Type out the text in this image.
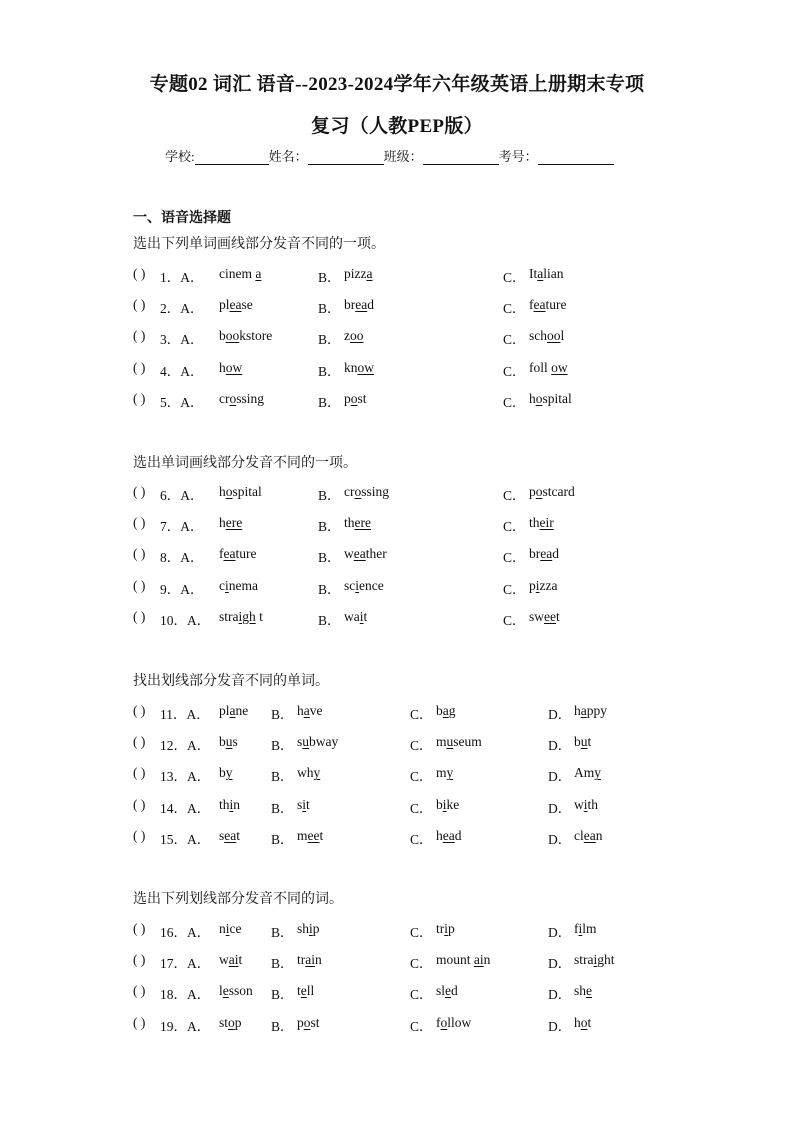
专题02 词汇 语音--2023-2024学年六年级英语上册期末专项
复习（人教PEP版）
学校:	姓名：	班级：	考号：
一、语音选择题
选出下列单词画线部分发音不同的一项。
( ) 1．A． cinem a	B． pizza	C． Italian
( ) 2．A． please	B． bread	C． feature
( ) 3．A． bookstore	B． zoo	C． school
( ) 4．A． how	B． know	C． foll ow
( ) 5．A． crossing	B． post	C． hospital
选出单词画线部分发音不同的一项。
( ) 6．A． hospital	B． crossing	C． postcard
( ) 7．A． here	B． there	C． their
( ) 8．A． feature	B． weather	C． bread
( ) 9．A． cinema	B． science	C． pizza
( ) 10．A． straigh t	B． wait	C． sweet
找出划线部分发音不同的单词。
( ) 11．A． plane B． have	C． bag	D． happy
( ) 12．A． bus B． subway	C． museum	D． but
( ) 13．A． by	B． why	C． my	D． Amy
( ) 14．A． thin B． sit	C． bike	D． with
( ) 15．A． seat B． meet	C． head	D． clean
选出下列划线部分发音不同的词。
( ) 16．A． nice B． ship	C． trip	D． film
( ) 17．A． wait B． train	C． mount ain	D． straight
( ) 18．A． lesson B． tell	C． sled	D． she
( ) 19．A． stop B． post	C． follow	D． hot
